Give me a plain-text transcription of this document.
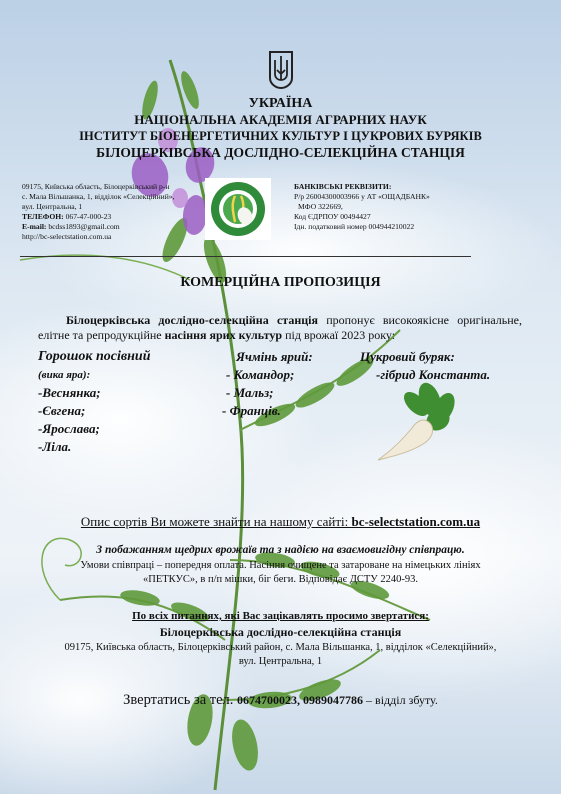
УКРАЇНА
НАЦІОНАЛЬНА АКАДЕМІЯ АГРАРНИХ НАУК
ІНСТИТУТ БІОЕНЕРГЕТИЧНИХ КУЛЬТУР І ЦУКРОВИХ БУРЯКІВ
БІЛОЦЕРКІВСЬКА ДОСЛІДНО-СЕЛЕКЦІЙНА СТАНЦІЯ
09175, Київська область, Білоцерківський р-н
с. Мала Вільшанка, 1, відділок «Селекційний»,
вул. Центральна, 1
ТЕЛЕФОН: 067-47-000-23
E-mail: bcdss1893@gmail.com
http://bc-selectstation.com.ua
БАНКІВСЬКІ РЕКВІЗИТИ:
Р/р 26004300003966 у АТ «ОЩАДБАНК»
МФО 322669,
Код ЄДРПОУ 00494427
Ідн. податковий номер 004944210022
КОМЕРЦІЙНА ПРОПОЗИЦІЯ
Білоцерківська дослідно-селекційна станція пропонує високоякісне оригінальне, елітне та репродукційне насіння ярих культур під врожаї 2023 року:
Горошок посівний
(вика яра):
-Веснянка;
-Євгена;
-Ярослава;
-Ліла.
Ячмінь ярий:
- Командор;
- Мальз;
- Франців.
Цукровий буряк:
-гібрид Константа.
Опис сортів Ви можете знайти на нашому сайті: bc-selectstation.com.ua
З побажанням щедрих врожаїв та з надією на взаємовигідну співпрацю.
Умови співпраці – попередня оплата. Насіння очищене та затароване на німецьких лініях
«ПЕТКУС», в п/п мішки, біг беги. Відповідає ДСТУ 2240-93.
По всіх питаннях, які Вас зацікавлять просимо звертатися:
Білоцерківська дослідно-селекційна станція
09175, Київська область, Білоцерківський район, с. Мала Вільшанка, 1, відділок «Селекційний»,
вул. Центральна, 1
Звертатись за тел. 0674700023, 0989047786 – відділ збуту.
